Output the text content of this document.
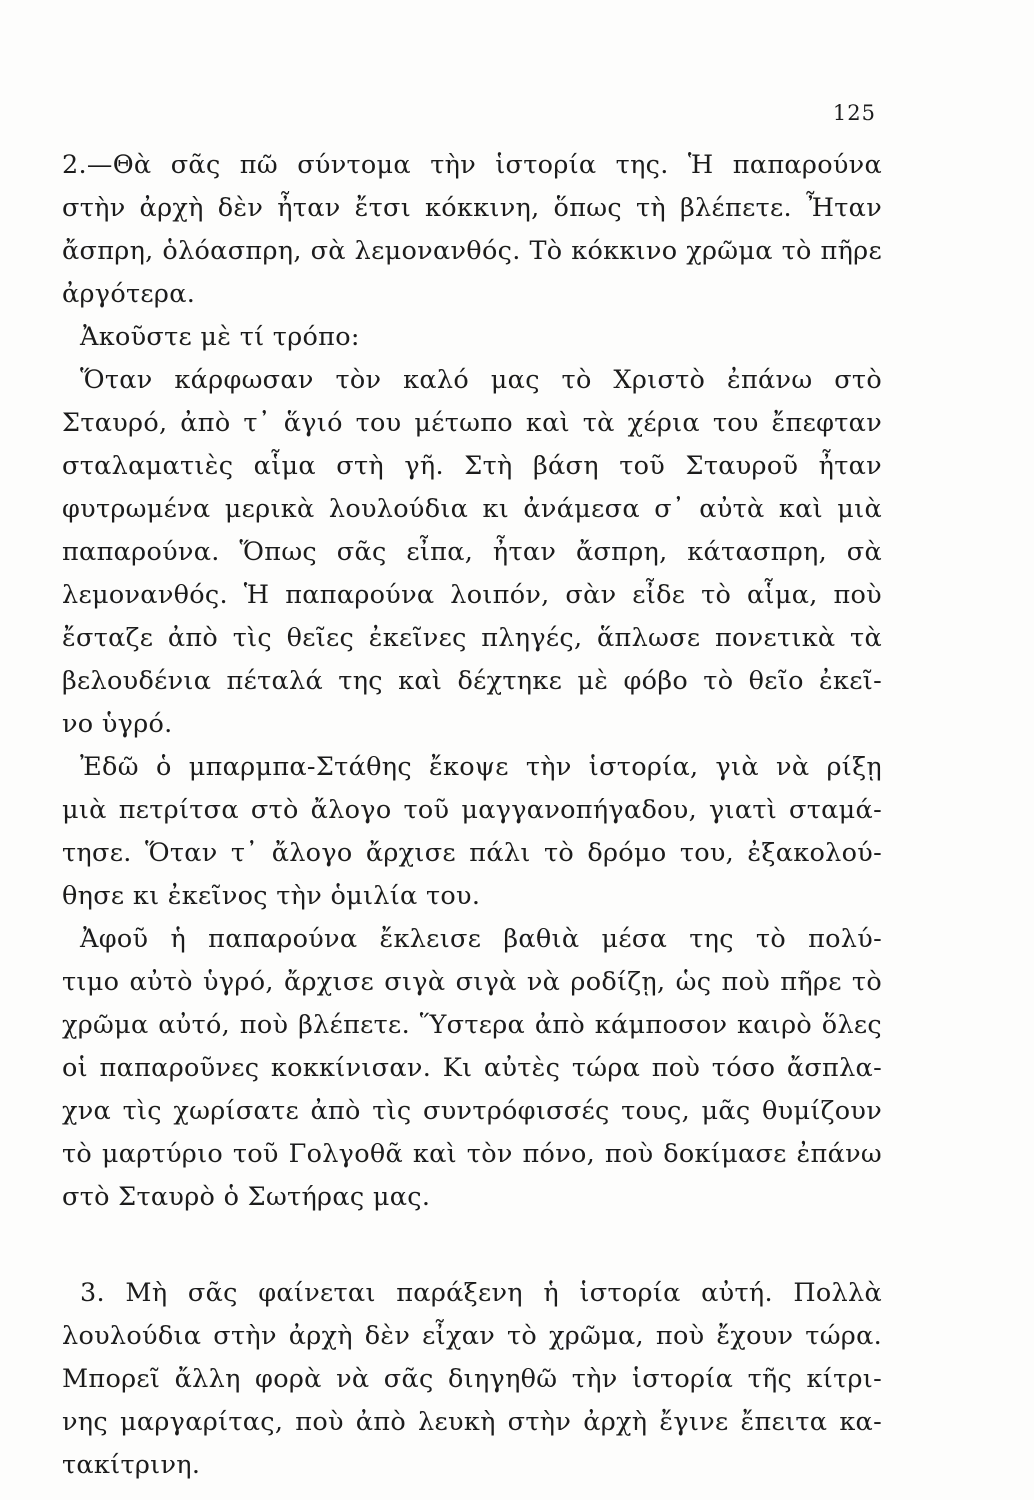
125
2.—Θὰ σᾶς πῶ σύντομα τὴν ἱστορία της. Ἡ παπαρούνα
στὴν ἀρχὴ δὲν ἦταν ἔτσι κόκκινη, ὅπως τὴ βλέπετε. Ἦταν
ἄσπρη, ὁλόασπρη, σὰ λεμονανθός. Τὸ κόκκινο χρῶμα τὸ πῆρε
ἀργότερα.
Ἀκοῦστε μὲ τί τρόπο:
Ὅταν κάρφωσαν τὸν καλό μας τὸ Χριστὸ ἐπάνω στὸ
Σταυρό, ἀπὸ τ᾿ ἅγιό του μέτωπο καὶ τὰ χέρια του ἔπεφταν
σταλαματιὲς αἷμα στὴ γῆ. Στὴ βάση τοῦ Σταυροῦ ἦταν
φυτρωμένα μερικὰ λουλούδια κι ἀνάμεσα σ᾿ αὐτὰ καὶ μιὰ
παπαρούνα. Ὅπως σᾶς εἶπα, ἦταν ἄσπρη, κάτασπρη, σὰ
λεμονανθός. Ἡ παπαρούνα λοιπόν, σὰν εἶδε τὸ αἷμα, ποὺ
ἔσταζε ἀπὸ τὶς θεῖες ἐκεῖνες πληγές, ἅπλωσε πονετικὰ τὰ
βελουδένια πέταλά της καὶ δέχτηκε μὲ φόβο τὸ θεῖο ἐκεῖ-
νο ὑγρό.
Ἐδῶ ὁ μπαρμπα-Στάθης ἔκοψε τὴν ἱστορία, γιὰ νὰ ρίξῃ
μιὰ πετρίτσα στὸ ἄλογο τοῦ μαγγανοπήγαδου, γιατὶ σταμά-
τησε. Ὅταν τ᾿ ἄλογο ἄρχισε πάλι τὸ δρόμο του, ἐξακολού-
θησε κι ἐκεῖνος τὴν ὁμιλία του.
Ἀφοῦ ἡ παπαρούνα ἔκλεισε βαθιὰ μέσα της τὸ πολύ-
τιμο αὐτὸ ὑγρό, ἄρχισε σιγὰ σιγὰ νὰ ροδίζῃ, ὡς ποὺ πῆρε τὸ
χρῶμα αὐτό, ποὺ βλέπετε. Ὕστερα ἀπὸ κάμποσον καιρὸ ὅλες
οἱ παπαροῦνες κοκκίνισαν. Κι αὐτὲς τώρα ποὺ τόσο ἄσπλα-
χνα τὶς χωρίσατε ἀπὸ τὶς συντρόφισσές τους, μᾶς θυμίζουν
τὸ μαρτύριο τοῦ Γολγοθᾶ καὶ τὸν πόνο, ποὺ δοκίμασε ἐπάνω
στὸ Σταυρὸ ὁ Σωτήρας μας.
3. Μὴ σᾶς φαίνεται παράξενη ἡ ἱστορία αὐτή. Πολλὰ
λουλούδια στὴν ἀρχὴ δὲν εἶχαν τὸ χρῶμα, ποὺ ἔχουν τώρα.
Μπορεῖ ἄλλη φορὰ νὰ σᾶς διηγηθῶ τὴν ἱστορία τῆς κίτρι-
νης μαργαρίτας, ποὺ ἀπὸ λευκὴ στὴν ἀρχὴ ἔγινε ἔπειτα κα-
τακίτρινη.
